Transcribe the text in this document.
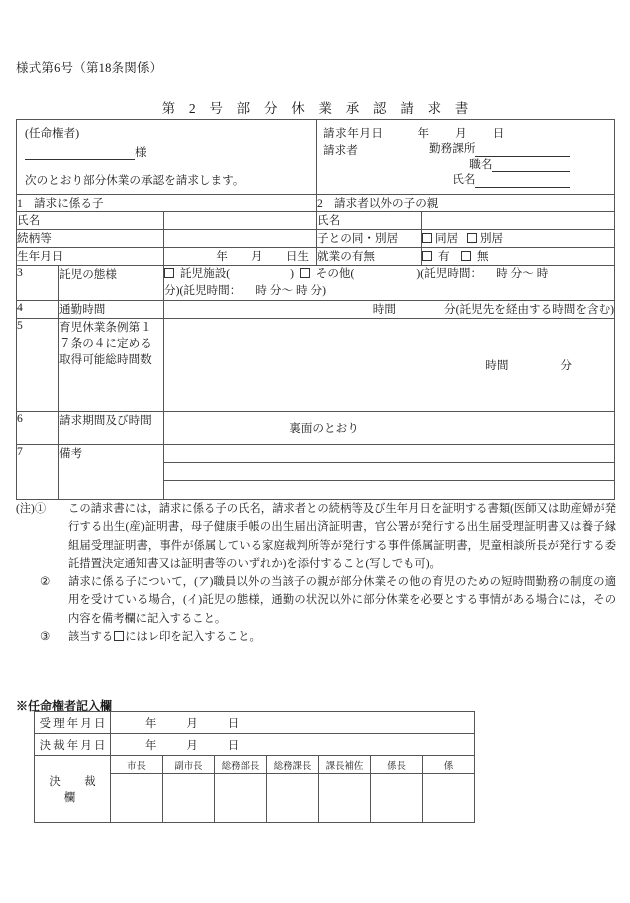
様式第6号（第18条関係）
第 2 号 部 分 休 業 承 認 請 求 書
(任命権者)
様
次のとおり部分休業の承認を請求します。

請求年月日	年 月 日
請求者	勤務課所
職名
氏名

1 請求に係る子			2 請求者以外の子の親	
氏名			氏名	
続柄等			子との同・別居	同居 別居
生年月日		年　　月　　日生	就業の有無	有 無
3	託児の態様	託児施設( ) その他( )(託児時間： 時 分～ 時
分)(託児時間： 時 分～ 時 分)		
4	通勤時間	時間 分(託児先を経由する時間を含む)		
5	育児休業条例第１７条の４に定める取得可能総時間数	時間 分		

6	請求期間及び時間	裏面のとおり		

7	備考			
(注)①	この請求書には，請求に係る子の氏名，請求者との続柄等及び生年月日を証明する書類(医師又は助産婦が発行する出生(産)証明書，母子健康手帳の出生届出済証明書，官公署が発行する出生届受理証明書又は養子縁組届受理証明書，事件が係属している家庭裁判所等が発行する事件係属証明書，児童相談所長が発行する委託措置決定通知書又は証明書等のいずれか)を添付すること(写しでも可)。
②	請求に係る子について，(ア)職員以外の当該子の親が部分休業その他の育児のための短時間勤務の制度の適用を受けている場合，(イ)託児の態様，通勤の状況以外に部分休業を必要とする事情がある場合には，その内容を備考欄に記入すること。
③	該当する にはレ印を記入すること。
※任命権者記入欄
受理年月日	年 月 日						
決裁年月日	年 月 日						
決　裁　欄	市長	副市長	総務部長	総務課長	課長補佐	係長	係
